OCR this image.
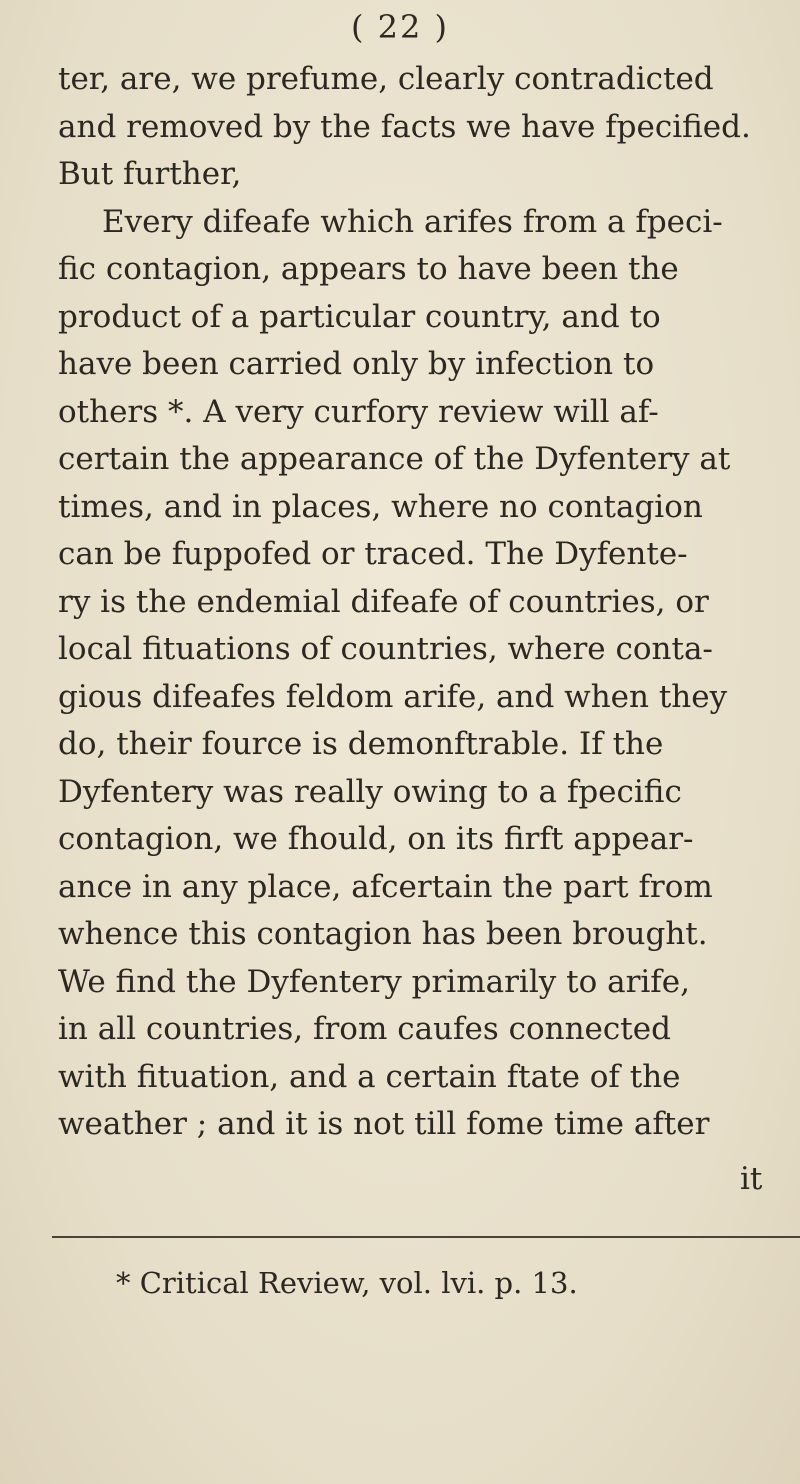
( 22 )
ter, are, we prefume, clearly contradicted
and removed by the facts we have fpecified.
But further,
Every difeafe which arifes from a fpeci-
fic contagion, appears to have been the
product of a particular country, and to
have been carried only by infection to
others *. A very curfory review will af-
certain the appearance of the Dyfentery at
times, and in places, where no contagion
can be fuppofed or traced. The Dyfente-
ry is the endemial difeafe of countries, or
local fituations of countries, where conta-
gious difeafes feldom arife, and when they
do, their fource is demonftrable. If the
Dyfentery was really owing to a fpecific
contagion, we fhould, on its firft appear-
ance in any place, afcertain the part from
whence this contagion has been brought.
We find the Dyfentery primarily to arife,
in all countries, from caufes connected
with fituation, and a certain ftate of the
weather ; and it is not till fome time after
it
* Critical Review, vol. lvi. p. 13.
